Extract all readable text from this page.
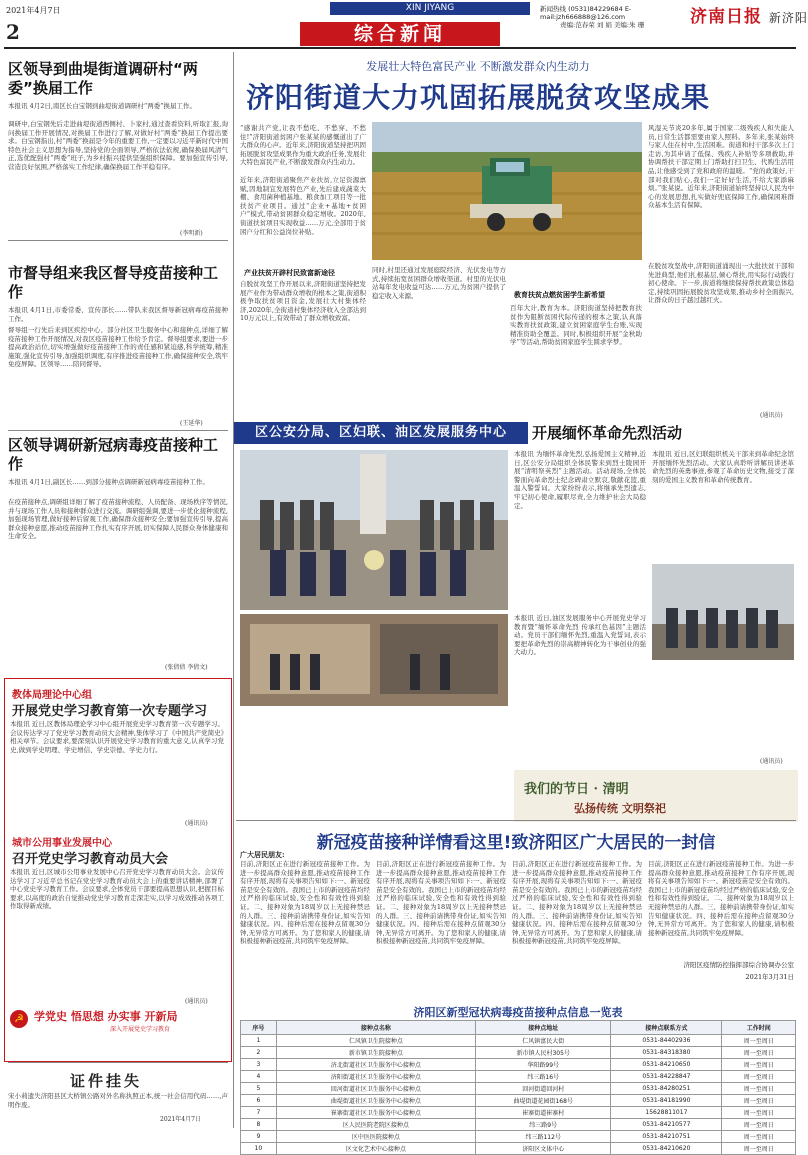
2021年4月7日
2
XIN JIYANG	新闻热线 (0531)84229684 E-mail:jzh666888@126.com
责编:范春荣 刘 娟 美编:朱 珊	济南日报 新济阳
综合新闻
区领导到曲堤街道调研村“两委”换届工作
本报讯 4月2日,南区长白宝钢到曲堤街道调研村“两委”换届工作。
调研中,白宝钢先后走进曲堤街道西侧村、卜家村,通过查看资料,听取汇报,询问换届工作开展情况,对换届工作进行了解,对做好村“两委”换届工作提出要求。白宝钢指出,村“两委”换届是今年的重要工作,一定要以习近平新时代中国特色社会主义思想为指导,坚持党的全面领导,严格依法依规,确保换届风清气正,选优配强村“两委”班子,为乡村振兴提供坚强组织保障。要加强宣传引导,营造良好氛围,严格落实工作纪律,确保换届工作平稳有序。
(李明新)
市督导组来我区督导疫苗接种工作
本报讯 4月1日,市委常委、宣传部长……带队来我区督导新冠病毒疫苗接种工作。
督导组一行先后来到区疾控中心、部分社区卫生服务中心和接种点,详细了解疫苗接种工作开展情况,对我区疫苗接种工作给予肯定。督导组要求,要进一步提高政治站位,切实增强做好疫苗接种工作的责任感和紧迫感,科学统筹,精准施策,强化宣传引导,加强组织调度,有序推进疫苗接种工作,确保接种安全,筑牢免疫屏障。区领导……陪同督导。
(王延华)
区领导调研新冠病毒疫苗接种工作
本报讯 4月1日,副区长……到部分接种点调研新冠病毒疫苗接种工作。
在疫苗接种点,调研组详细了解了疫苗接种流程、人员配备、现场秩序等情况,并与现场工作人员和接种群众进行交流。调研组强调,要进一步优化接种流程,加强现场管理,做好接种后留观工作,确保群众接种安全;要加强宣传引导,提高群众接种意愿,推动疫苗接种工作扎实有序开展,切实保障人民群众身体健康和生命安全。
(张倩倩 李倩文)
教体局理论中心组
开展党史学习教育第一次专题学习
本报讯 近日,区教体局理论学习中心组开展党史学习教育第一次专题学习。会议传达学习了党史学习教育动员大会精神,集体学习了《中国共产党简史》相关章节。会议要求,要深刻认识开展党史学习教育的重大意义,认真学习党史,做到学史明理、学史增信、学史崇德、学史力行。
(通讯员)
城市公用事业发展中心
召开党史学习教育动员大会
本报讯 近日,区城市公用事业发展中心召开党史学习教育动员大会。会议传达学习了习近平总书记在党史学习教育动员大会上的重要讲话精神,部署了中心党史学习教育工作。会议要求,全体党员干部要提高思想认识,把握目标要求,以高度的政治自觉推动党史学习教育走深走实,以学习成效推动各项工作取得新成绩。
(通讯员)
☭ 学党史 悟思想 办实事 开新局
深入开展党史学习教育
证件挂失
宋小莉遗失济阳县区大桥镇公路对外名称执照正本,统一社会信用代码……,声明作废。
2021年4月7日
发展壮大特色富民产业 不断激发群众内生动力
济阳街道大力巩固拓展脱贫攻坚成果
“感谢共产党,让我不愁吃、不愁穿、不愁住!”济阳街道贫困户张某某的感慨道出了广大群众的心声。近年来,济阳街道坚持把巩固拓展脱贫攻坚成果作为重大政治任务,发展壮大特色富民产业,不断激发群众内生动力。
近年来,济阳街道聚焦产业扶贫,立足资源禀赋,因地制宜发展特色产业,先后建成蔬菜大棚、食用菌种植基地、粮食加工项目等一批扶贫产业项目。通过“企业+基地+贫困户”模式,带动贫困群众稳定增收。2020年,街道扶贫项目实现收益……万元,全部用于贫困户分红和公益岗位补贴。
风湿关节炎20多年,属于国家二级残疾人和失能人员,日常生活都需要由家人照料。多年来,张某始终与家人住在村中,生活困难。街道和村干部多次上门走访,为其申请了低保、残疾人补贴等多项救助,并协调帮扶干部定期上门帮助打扫卫生、代购生活用品,让他感受到了党和政府的温暖。“党的政策好,干部对我们贴心,我们一定好好生活,不给大家添麻烦。”张某说。近年来,济阳街道始终坚持以人民为中心的发展思想,扎实做好兜底保障工作,确保困难群众基本生活有保障。
产业扶贫开辟村民致富新途径
自脱贫攻坚工作开展以来,济阳街道坚持把发展产业作为带动群众增收的根本之策,街道积极争取扶贫项目资金,发展壮大村集体经济,2020年,全街道村集体经济收入全部达到10万元以上,有效带动了群众增收致富。
同时,村里还通过发展庭院经济、光伏发电等方式,持续拓宽贫困群众增收渠道。村里的光伏电站每年发电收益可达……万元,为贫困户提供了稳定收入来源。	教育扶贫点燃贫困学生新希望
百年大计,教育为本。济阳街道坚持把教育扶贫作为阻断贫困代际传递的根本之策,认真落实教育扶贫政策,建立贫困家庭学生台账,实现精准资助全覆盖。同时,积极组织开展“金秋助学”等活动,帮助贫困家庭学生圆求学梦。
在脱贫攻坚战中,济阳街道涌现出一大批扶贫干部和先进典型,他们扎根基层,倾心帮扶,用实际行动践行初心使命。下一步,街道将继续保持帮扶政策总体稳定,持续巩固拓展脱贫攻坚成果,推动乡村全面振兴,让群众的日子越过越红火。
(通讯员)
区公安分局、区妇联、油区发展服务中心	开展缅怀革命先烈活动
本报讯 为缅怀革命先烈,弘扬爱国主义精神,近日,区公安分局组织全体民警来到烈士陵园开展“清明祭英烈”主题活动。活动现场,全体民警面向革命烈士纪念碑肃立默哀,敬献花篮,重温入警誓词。大家纷纷表示,将继承先烈遗志,牢记初心使命,履职尽责,全力维护社会大局稳定。
本报讯 近日,区妇联组织机关干部来到革命纪念馆开展缅怀先烈活动。大家认真聆听讲解员讲述革命先烈的英勇事迹,参观了革命历史文物,接受了深刻的爱国主义教育和革命传统教育。
本报讯 近日,油区发展服务中心开展党史学习教育暨“缅怀革命先烈 传承红色基因”主题活动。党员干部们缅怀先烈,重温入党誓词,表示要把革命先烈的崇高精神转化为干事创业的强大动力。
(通讯员)
我们的节日 · 清明
弘扬传统 文明祭祀
新冠疫苗接种详情看这里!致济阳区广大居民的一封信
广大居民朋友:
目前,济阳区正在进行新冠疫苗接种工作。为进一步提高群众接种意愿,推动疫苗接种工作有序开展,现将有关事项告知如下:一、新冠疫苗是安全有效的。我国已上市的新冠疫苗均经过严格的临床试验,安全性和有效性得到验证。二、接种对象为18周岁以上无接种禁忌的人群。三、接种前请携带身份证,如实告知健康状况。四、接种后需在接种点留观30分钟,无异常方可离开。为了您和家人的健康,请积极接种新冠疫苗,共同筑牢免疫屏障。
目前,济阳区正在进行新冠疫苗接种工作。为进一步提高群众接种意愿,推动疫苗接种工作有序开展,现将有关事项告知如下:一、新冠疫苗是安全有效的。我国已上市的新冠疫苗均经过严格的临床试验,安全性和有效性得到验证。二、接种对象为18周岁以上无接种禁忌的人群。三、接种前请携带身份证,如实告知健康状况。四、接种后需在接种点留观30分钟,无异常方可离开。为了您和家人的健康,请积极接种新冠疫苗,共同筑牢免疫屏障。
目前,济阳区正在进行新冠疫苗接种工作。为进一步提高群众接种意愿,推动疫苗接种工作有序开展,现将有关事项告知如下:一、新冠疫苗是安全有效的。我国已上市的新冠疫苗均经过严格的临床试验,安全性和有效性得到验证。二、接种对象为18周岁以上无接种禁忌的人群。三、接种前请携带身份证,如实告知健康状况。四、接种后需在接种点留观30分钟,无异常方可离开。为了您和家人的健康,请积极接种新冠疫苗,共同筑牢免疫屏障。
目前,济阳区正在进行新冠疫苗接种工作。为进一步提高群众接种意愿,推动疫苗接种工作有序开展,现将有关事项告知如下:一、新冠疫苗是安全有效的。我国已上市的新冠疫苗均经过严格的临床试验,安全性和有效性得到验证。二、接种对象为18周岁以上无接种禁忌的人群。三、接种前请携带身份证,如实告知健康状况。四、接种后需在接种点留观30分钟,无异常方可离开。为了您和家人的健康,请积极接种新冠疫苗,共同筑牢免疫屏障。
济阳区疫情防控指挥部综合协调办公室
2021年3月31日
济阳区新型冠状病毒疫苗接种点信息一览表
序号	接种点名称	接种点地址	接种点联系方式	工作时间
1	仁风镇卫生院接种点	仁风镇富民大街	0531-84402936	周一至周日
2	新市镇卫生院接种点	新市镇人民村305号	0531-84318380	周一至周日
3	济北街道社区卫生服务中心接种点	华阳路99号	0531-84210650	周一至周日
4	济阳街道社区卫生服务中心接种点	纬三路16号	0531-84228847	周一至周日
5	回河街道社区卫生服务中心接种点	回河街道回河村	0531-84280251	周一至周日
6	曲堤街道社区卫生服务中心接种点	曲堤街道花园街168号	0531-84181990	周一至周日
7	崔寨街道社区卫生服务中心接种点	崔寨街道崔寨村	15628811017	周一至周日
8	区人民医院老院区接种点	纬三路9号	0531-84210577	周一至周日
9	区中医医院接种点	纬三路112号	0531-84210751	周一至周日
10	区文化艺术中心接种点	济阳区文体中心	0531-84210620	周一至周日
